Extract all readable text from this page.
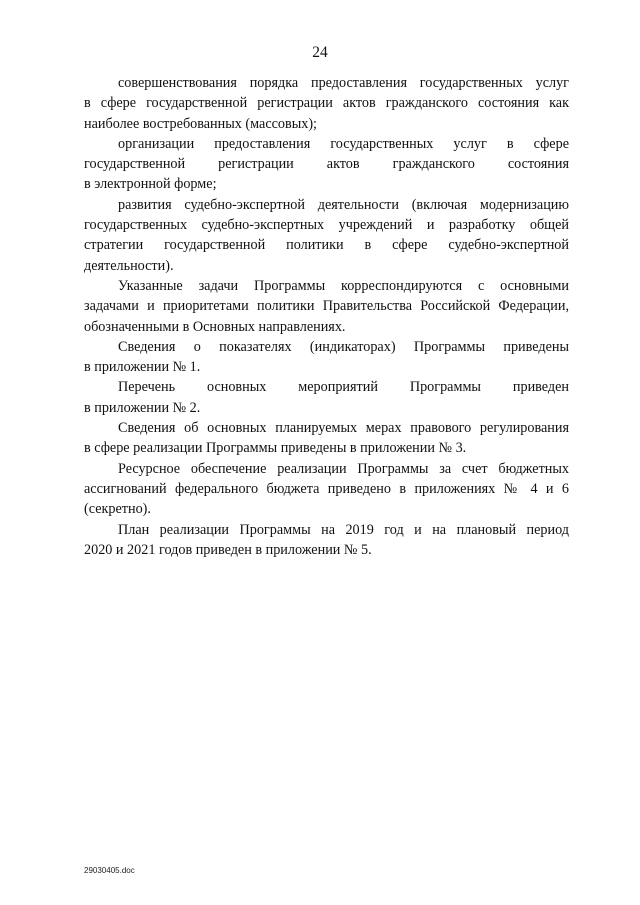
24

совершенствования порядка предоставления государственных услуг
в сфере государственной регистрации актов гражданского состояния как
наиболее востребованных (массовых);

организации предоставления государственных услуг в сфере
государственной регистрации актов гражданского состояния
в электронной форме;

развития судебно-экспертной деятельности (включая модернизацию
государственных судебно-экспертных учреждений и разработку общей
стратегии государственной политики в сфере судебно-экспертной
деятельности).

Указанные задачи Программы корреспондируются с основными
задачами и приоритетами политики Правительства Российской Федерации,
обозначенными в Основных направлениях.

Сведения о показателях (индикаторах) Программы приведены
в приложении № 1.

Перечень основных мероприятий Программы приведен
в приложении № 2.

Сведения об основных планируемых мерах правового регулирования
в сфере реализации Программы приведены в приложении № 3.

Ресурсное обеспечение реализации Программы за счет бюджетных
ассигнований федерального бюджета приведено в приложениях № 4 и 6
(секретно).

План реализации Программы на 2019 год и на плановый период
2020 и 2021 годов приведен в приложении № 5.

29030405.doc
